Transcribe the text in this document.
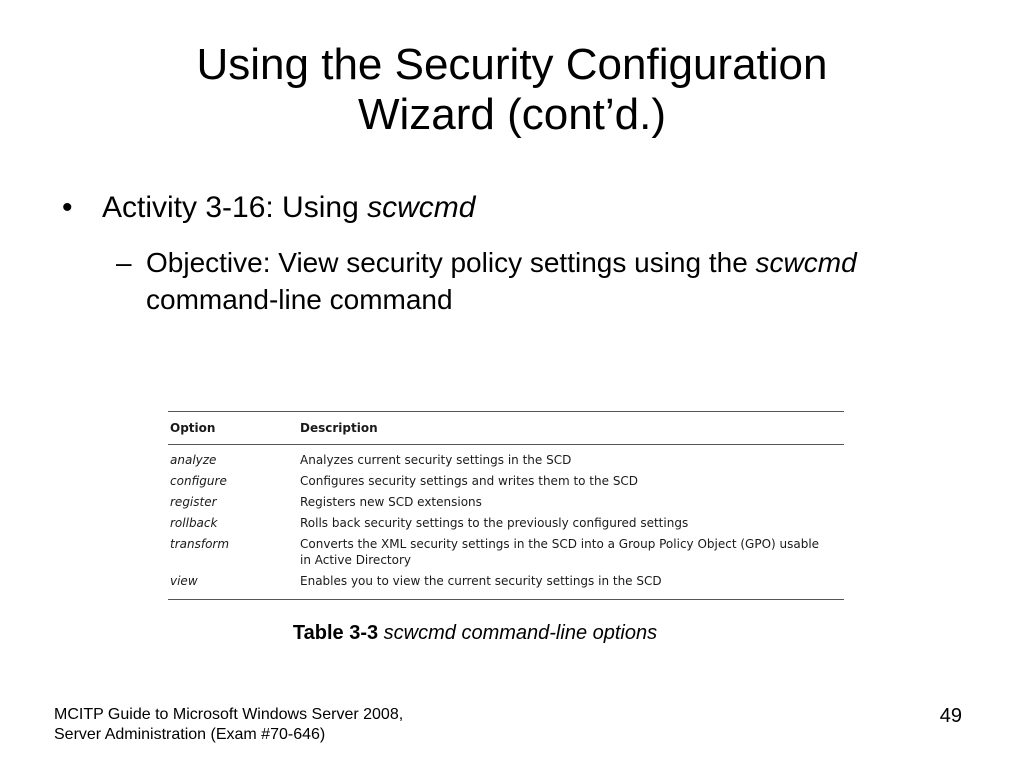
Using the Security Configuration
Wizard (cont’d.)
• Activity 3-16: Using scwcmd
– Objective: View security policy settings using the scwcmd command-line command
Option	Description
analyze	Analyzes current security settings in the SCD
configure	Configures security settings and writes them to the SCD
register	Registers new SCD extensions
rollback	Rolls back security settings to the previously configured settings
transform	Converts the XML security settings in the SCD into a Group Policy Object (GPO) usable in Active Directory
view	Enables you to view the current security settings in the SCD
Table 3-3 scwcmd command-line options
MCITP Guide to Microsoft Windows Server 2008,
Server Administration (Exam #70-646)
49
